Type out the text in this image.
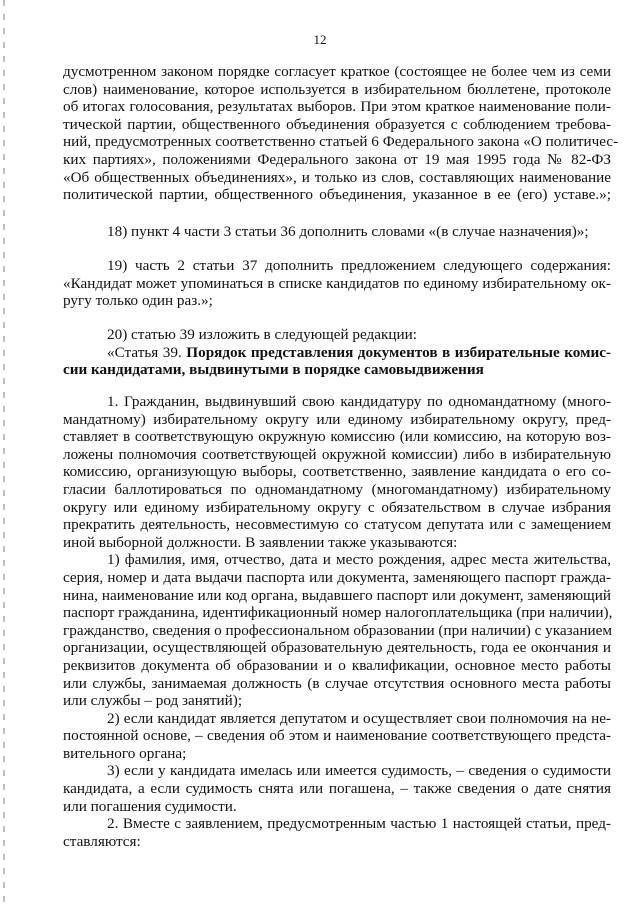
12
дусмотренном законом порядке согласует краткое (состоящее не более чем из семи
слов) наименование, которое используется в избирательном бюллетене, протоколе
об итогах голосования, результатах выборов. При этом краткое наименование поли-
тической партии, общественного объединения образуется с соблюдением требова-
ний, предусмотренных соответственно статьей 6 Федерального закона «О политичес-
ких партиях», положениями Федерального закона от 19 мая 1995 года № 82-ФЗ
«Об общественных объединениях», и только из слов, составляющих наименование
политической партии, общественного объединения, указанное в ее (его) уставе.»;
18) пункт 4 части 3 статьи 36 дополнить словами «(в случае назначения)»;
19) часть 2 статьи 37 дополнить предложением следующего содержания:
«Кандидат может упоминаться в списке кандидатов по единому избирательному ок-
ругу только один раз.»;
20) статью 39 изложить в следующей редакции:
«Статья 39. Порядок представления документов в избирательные комис-
сии кандидатами, выдвинутыми в порядке самовыдвижения
1. Гражданин, выдвинувший свою кандидатуру по одномандатному (много-
мандатному) избирательному округу или единому избирательному округу, пред-
ставляет в соответствующую окружную комиссию (или комиссию, на которую воз-
ложены полномочия соответствующей окружной комиссии) либо в избирательную
комиссию, организующую выборы, соответственно, заявление кандидата о его со-
гласии баллотироваться по одномандатному (многомандатному) избирательному
округу или единому избирательному округу с обязательством в случае избрания
прекратить деятельность, несовместимую со статусом депутата или с замещением
иной выборной должности. В заявлении также указываются:
1) фамилия, имя, отчество, дата и место рождения, адрес места жительства,
серия, номер и дата выдачи паспорта или документа, заменяющего паспорт гражда-
нина, наименование или код органа, выдавшего паспорт или документ, заменяющий
паспорт гражданина, идентификационный номер налогоплательщика (при наличии),
гражданство, сведения о профессиональном образовании (при наличии) с указанием
организации, осуществляющей образовательную деятельность, года ее окончания и
реквизитов документа об образовании и о квалификации, основное место работы
или службы, занимаемая должность (в случае отсутствия основного места работы
или службы – род занятий);
2) если кандидат является депутатом и осуществляет свои полномочия на не-
постоянной основе, – сведения об этом и наименование соответствующего предста-
вительного органа;
3) если у кандидата имелась или имеется судимость, – сведения о судимости
кандидата, а если судимость снята или погашена, – также сведения о дате снятия
или погашения судимости.
2. Вместе с заявлением, предусмотренным частью 1 настоящей статьи, пред-
ставляются:
